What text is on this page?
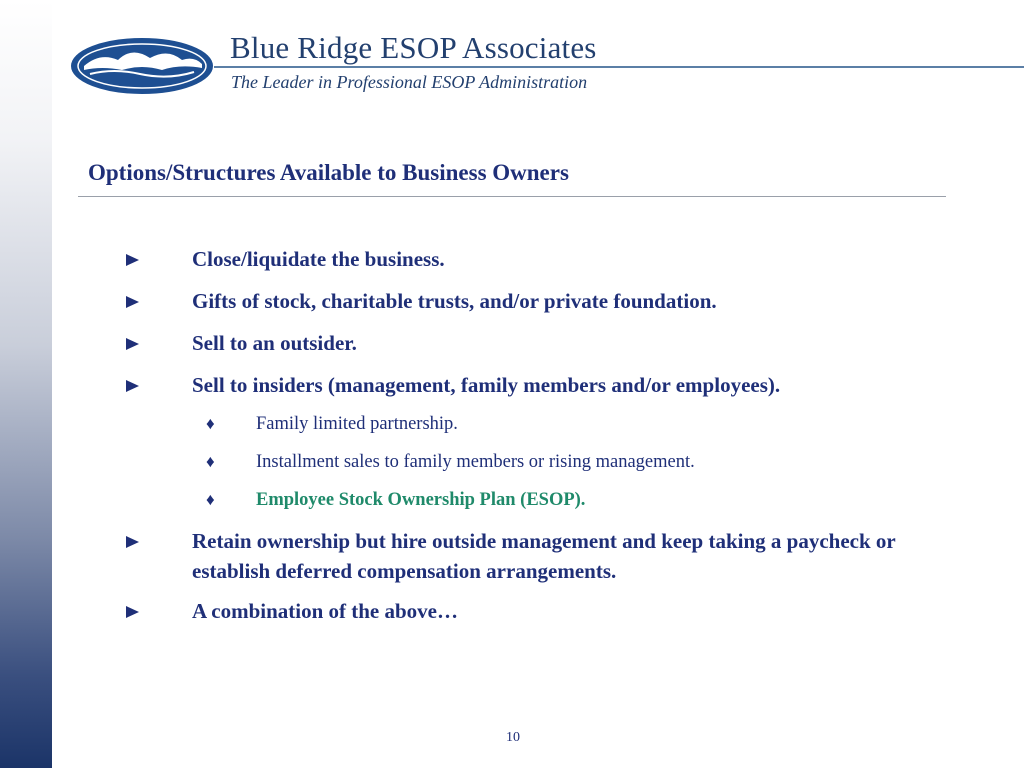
Blue Ridge ESOP Associates
The Leader in Professional ESOP Administration
Options/Structures Available to Business Owners
Close/liquidate the business.
Gifts of stock, charitable trusts, and/or private foundation.
Sell to an outsider.
Sell to insiders (management, family members and/or employees).
♦ Family limited partnership.
♦ Installment sales to family members or rising management.
♦ Employee Stock Ownership Plan (ESOP).
Retain ownership but hire outside management and keep taking a paycheck or establish deferred compensation arrangements.
A combination of the above…
10
